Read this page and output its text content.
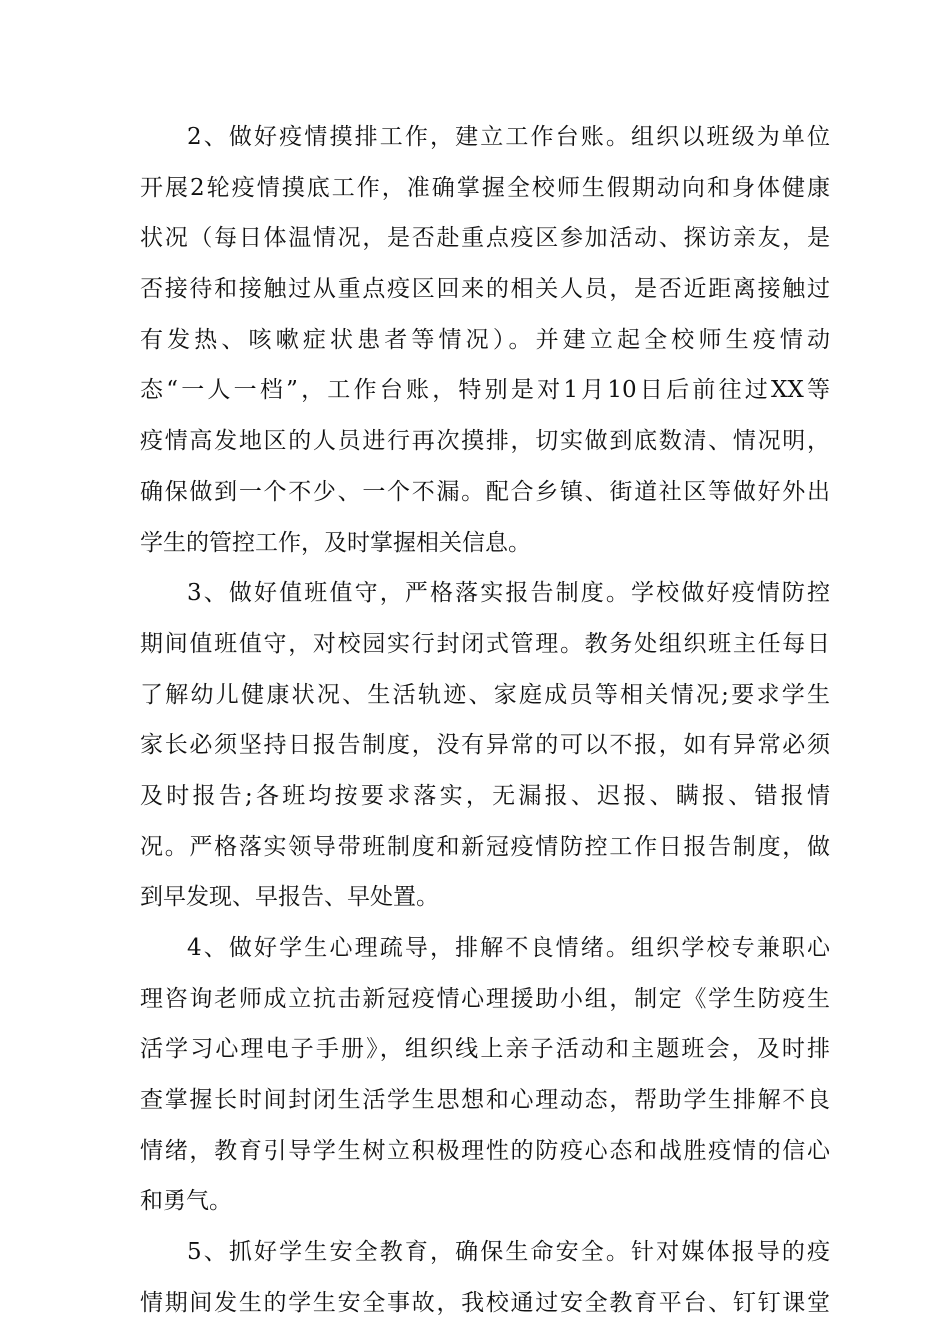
2、做好疫情摸排工作，建立工作台账。组织以班级为单位
开展2轮疫情摸底工作，准确掌握全校师生假期动向和身体健康
状况（每日体温情况，是否赴重点疫区参加活动、探访亲友，是
否接待和接触过从重点疫区回来的相关人员，是否近距离接触过
有发热、咳嗽症状患者等情况）。并建立起全校师生疫情动
态“一人一档”，工作台账，特别是对1月10日后前往过XX等
疫情高发地区的人员进行再次摸排，切实做到底数清、情况明，
确保做到一个不少、一个不漏。配合乡镇、街道社区等做好外出
学生的管控工作，及时掌握相关信息。
3、做好值班值守，严格落实报告制度。学校做好疫情防控
期间值班值守，对校园实行封闭式管理。教务处组织班主任每日
了解幼儿健康状况、生活轨迹、家庭成员等相关情况;要求学生
家长必须坚持日报告制度，没有异常的可以不报，如有异常必须
及时报告;各班均按要求落实，无漏报、迟报、瞒报、错报情
况。严格落实领导带班制度和新冠疫情防控工作日报告制度，做
到早发现、早报告、早处置。
4、做好学生心理疏导，排解不良情绪。组织学校专兼职心
理咨询老师成立抗击新冠疫情心理援助小组，制定《学生防疫生
活学习心理电子手册》，组织线上亲子活动和主题班会，及时排
查掌握长时间封闭生活学生思想和心理动态，帮助学生排解不良
情绪，教育引导学生树立积极理性的防疫心态和战胜疫情的信心
和勇气。
5、抓好学生安全教育，确保生命安全。针对媒体报导的疫
情期间发生的学生安全事故，我校通过安全教育平台、钉钉课堂
